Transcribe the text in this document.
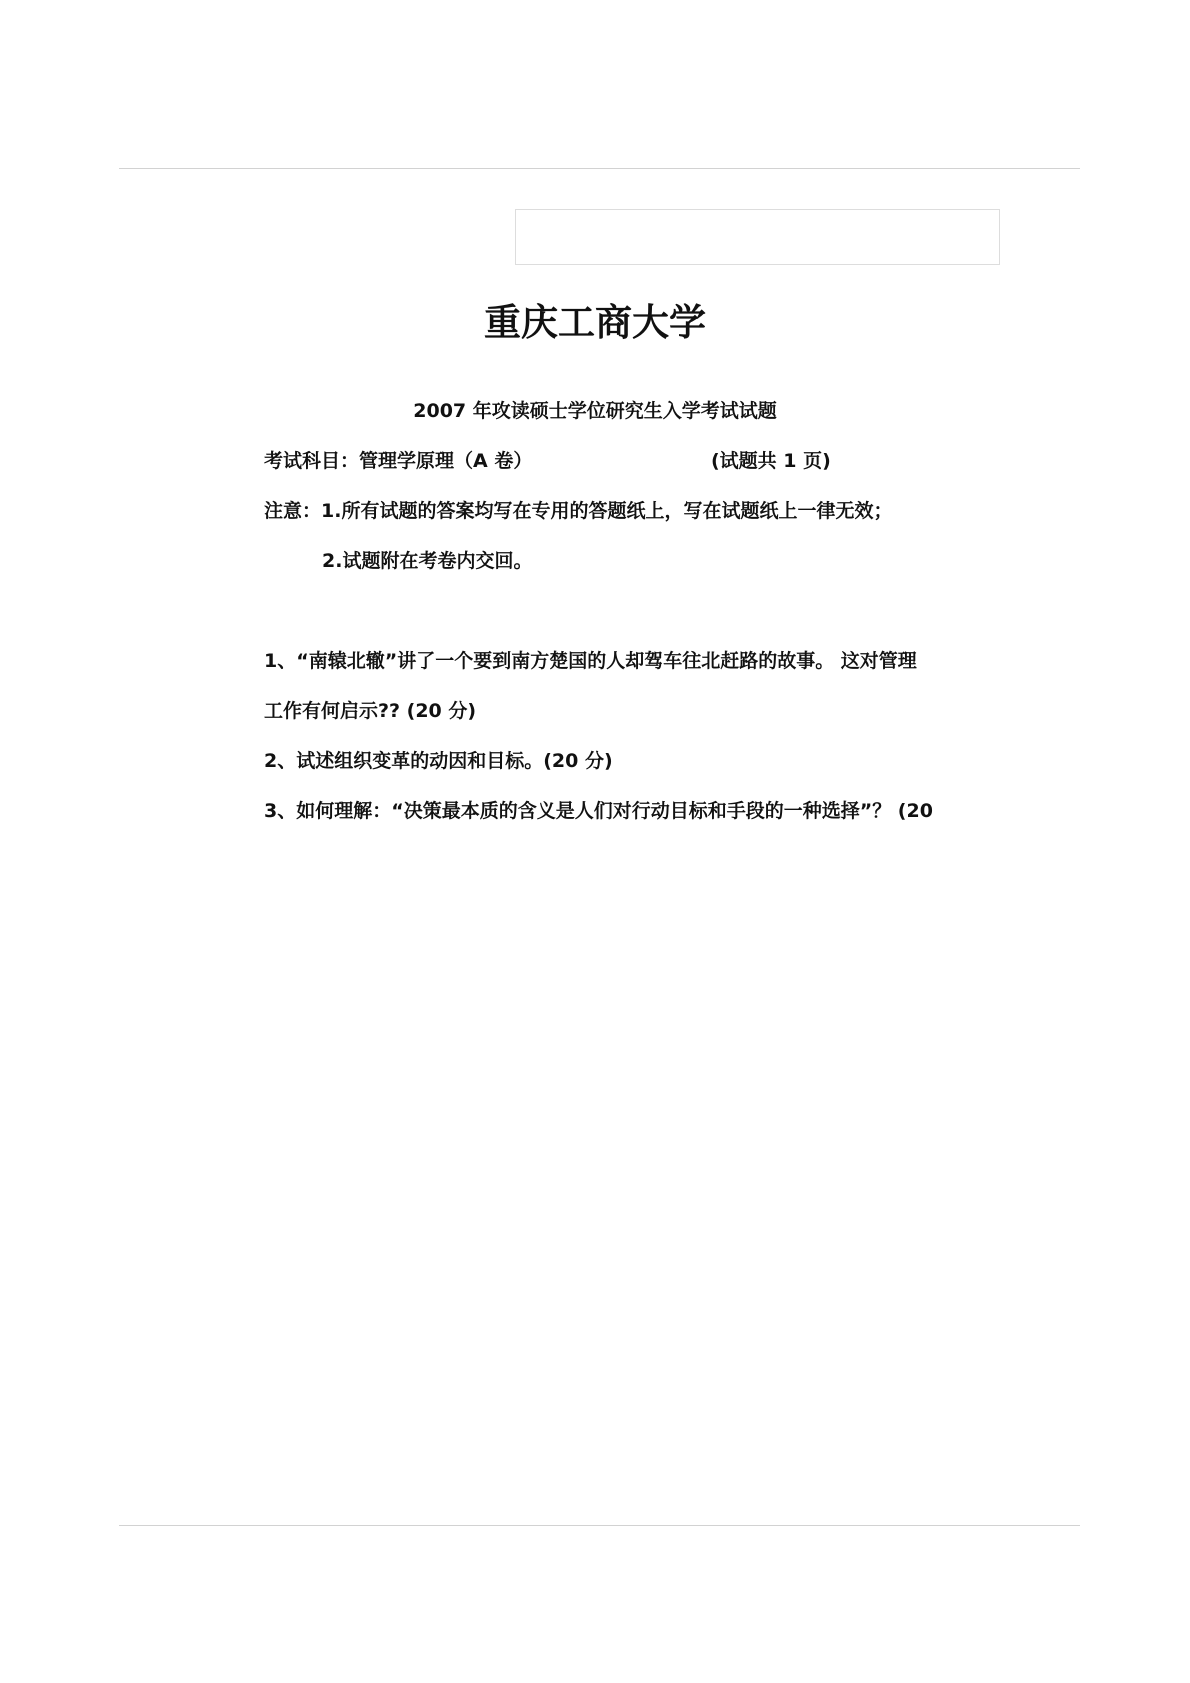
重庆工商大学
2007 年攻读硕士学位研究生入学考试试题
考试科目：管理学原理（A 卷）	(试题共 1 页)
注意：1.所有试题的答案均写在专用的答题纸上，写在试题纸上一律无效；
2.试题附在考卷内交回。
1、“南辕北辙”讲了一个要到南方楚国的人却驾车往北赶路的故事。 这对管理
工作有何启示?? (20 分)
2、试述组织变革的动因和目标。(20 分)
3、如何理解：“决策最本质的含义是人们对行动目标和手段的一种选择”？ (20
